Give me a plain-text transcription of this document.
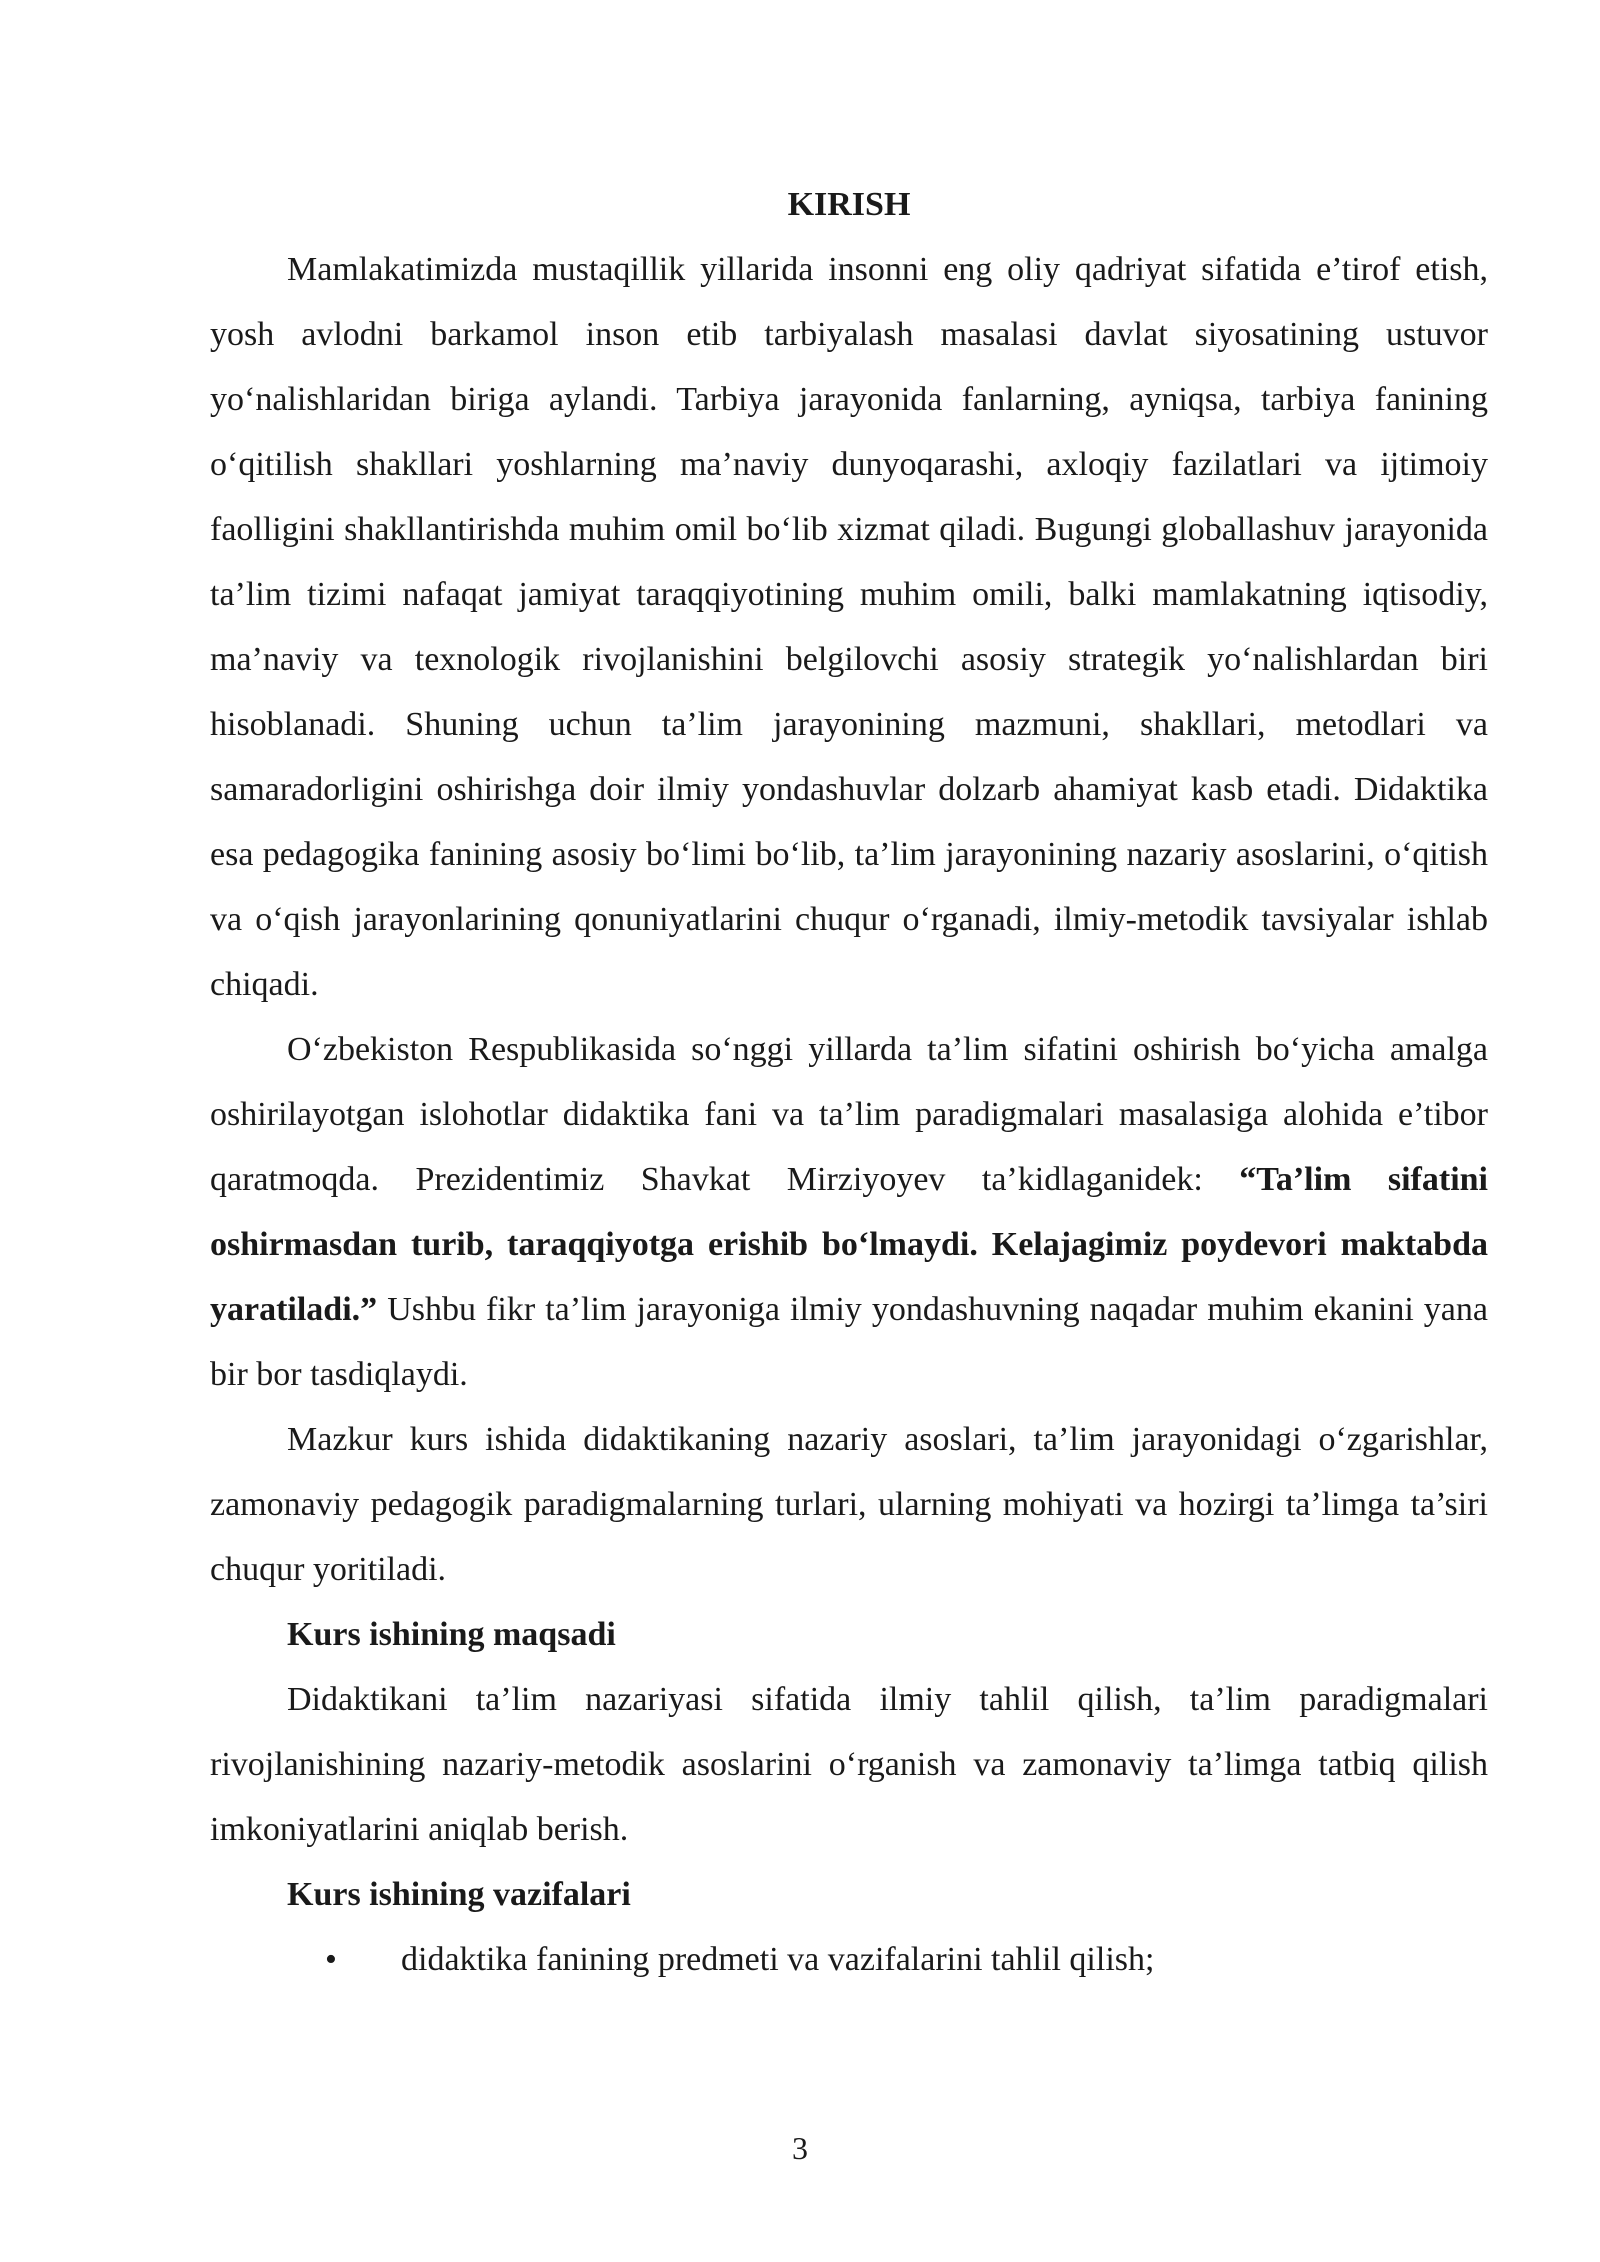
KIRISH

Mamlakatimizda mustaqillik yillarida insonni eng oliy qadriyat sifatida e’tirof etish, yosh avlodni barkamol inson etib tarbiyalash masalasi davlat siyosatining ustuvor yo‘nalishlaridan biriga aylandi. Tarbiya jarayonida fanlarning, ayniqsa, tarbiya fanining o‘qitilish shakllari yoshlarning ma’naviy dunyoqarashi, axloqiy fazilatlari va ijtimoiy faolligini shakllantirishda muhim omil bo‘lib xizmat qiladi. Bugungi globallashuv jarayonida ta’lim tizimi nafaqat jamiyat taraqqiyotining muhim omili, balki mamlakatning iqtisodiy, ma’naviy va texnologik rivojlanishini belgilovchi asosiy strategik yo‘nalishlardan biri hisoblanadi. Shuning uchun ta’lim jarayonining mazmuni, shakllari, metodlari va samaradorligini oshirishga doir ilmiy yondashuvlar dolzarb ahamiyat kasb etadi. Didaktika esa pedagogika fanining asosiy bo‘limi bo‘lib, ta’lim jarayonining nazariy asoslarini, o‘qitish va o‘qish jarayonlarining qonuniyatlarini chuqur o‘rganadi, ilmiy-metodik tavsiyalar ishlab chiqadi.

O‘zbekiston Respublikasida so‘nggi yillarda ta’lim sifatini oshirish bo‘yicha amalga oshirilayotgan islohotlar didaktika fani va ta’lim paradigmalari masalasiga alohida e’tibor qaratmoqda. Prezidentimiz Shavkat Mirziyoyev ta’kidlaganidek: “Ta’lim sifatini oshirmasdan turib, taraqqiyotga erishib bo‘lmaydi. Kelajagimiz poydevori maktabda yaratiladi.” Ushbu fikr ta’lim jarayoniga ilmiy yondashuvning naqadar muhim ekanini yana bir bor tasdiqlaydi.

Mazkur kurs ishida didaktikaning nazariy asoslari, ta’lim jarayonidagi o‘zgarishlar, zamonaviy pedagogik paradigmalarning turlari, ularning mohiyati va hozirgi ta’limga ta’siri chuqur yoritiladi.

Kurs ishining maqsadi

Didaktikani ta’lim nazariyasi sifatida ilmiy tahlil qilish, ta’lim paradigmalari rivojlanishining nazariy-metodik asoslarini o‘rganish va zamonaviy ta’limga tatbiq qilish imkoniyatlarini aniqlab berish.

Kurs ishining vazifalari

• didaktika fanining predmeti va vazifalarini tahlil qilish;

3
